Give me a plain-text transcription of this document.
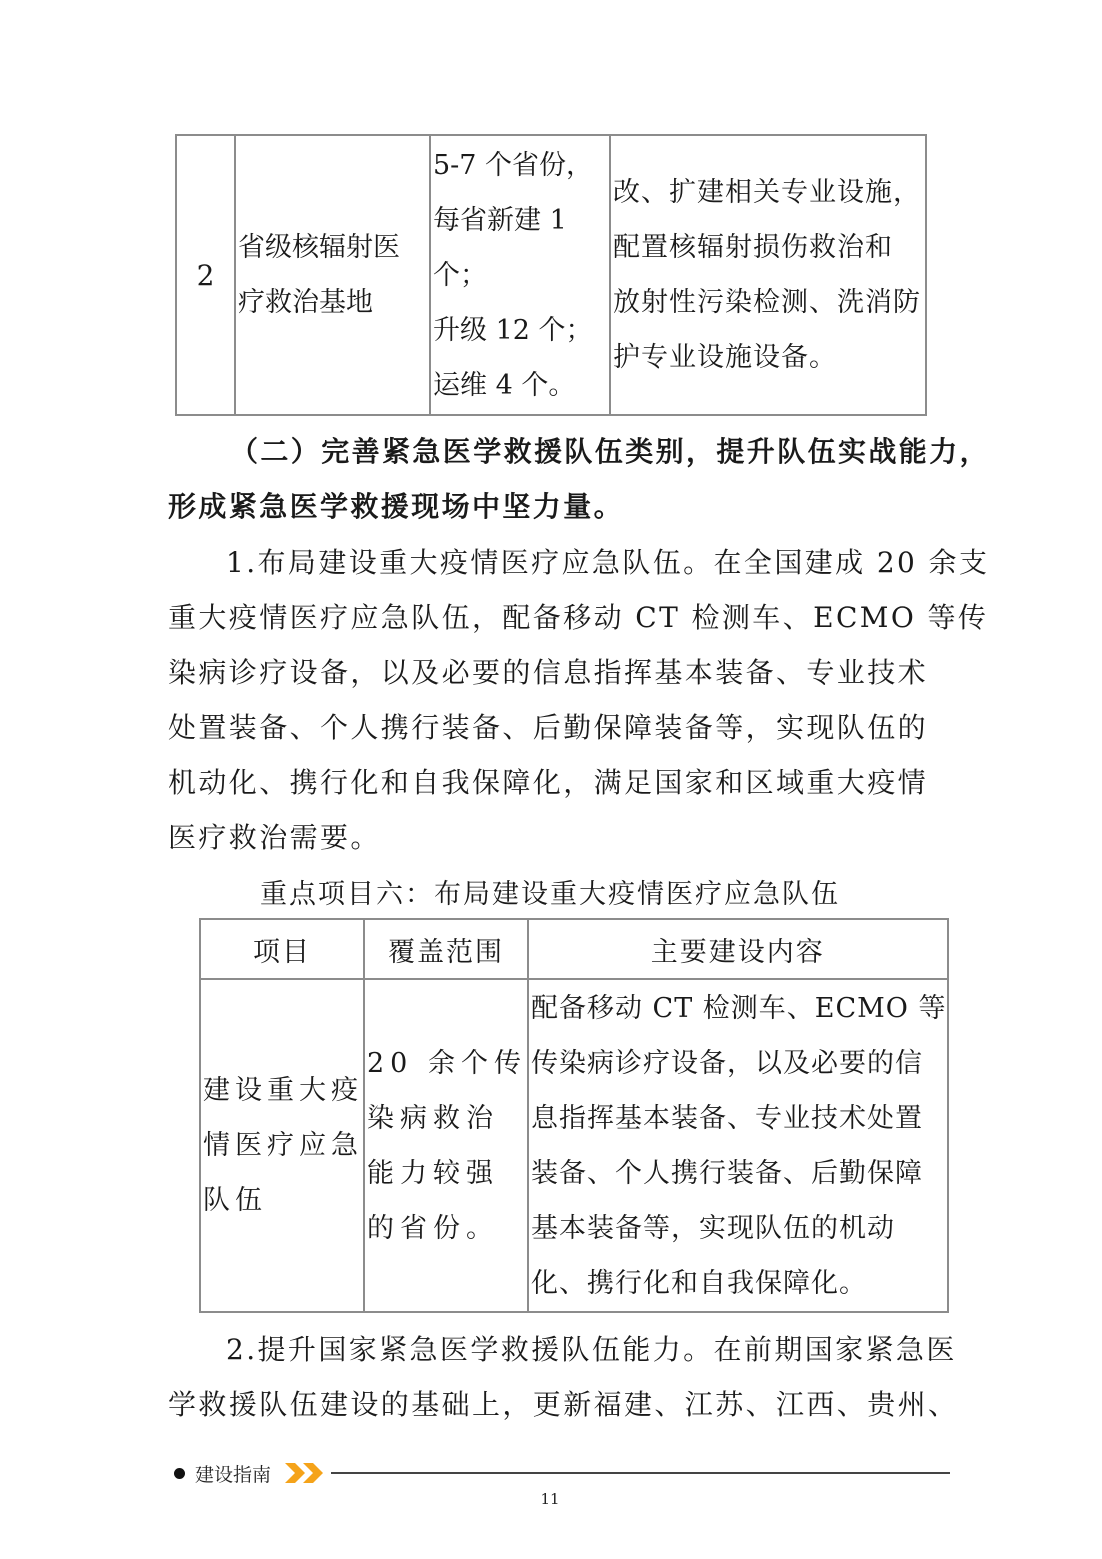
2	
省级核辐射医
疗救治基地

5-7 个省份，
每省新建 1
个；
升级 12 个；
运维 4 个。

改、扩建相关专业设施，
配置核辐射损伤救治和
放射性污染检测、洗消防
护专业设施设备。
（二）完善紧急医学救援队伍类别，提升队伍实战能力，
形成紧急医学救援现场中坚力量。
1.布局建设重大疫情医疗应急队伍。在全国建成 20 余支
重大疫情医疗应急队伍，配备移动 CT 检测车、ECMO 等传
染病诊疗设备，以及必要的信息指挥基本装备、专业技术
处置装备、个人携行装备、后勤保障装备等，实现队伍的
机动化、携行化和自我保障化，满足国家和区域重大疫情
医疗救治需要。
重点项目六：布局建设重大疫情医疗应急队伍
项目	覆盖范围	主要建设内容

建设重大疫
情医疗应急
队伍

20 余个传
染病救治
能力较强
的省份。

配备移动 CT 检测车、ECMO 等
传染病诊疗设备，以及必要的信
息指挥基本装备、专业技术处置
装备、个人携行装备、后勤保障
基本装备等，实现队伍的机动
化、携行化和自我保障化。
2.提升国家紧急医学救援队伍能力。在前期国家紧急医
学救援队伍建设的基础上，更新福建、江苏、江西、贵州、
建设指南
11
